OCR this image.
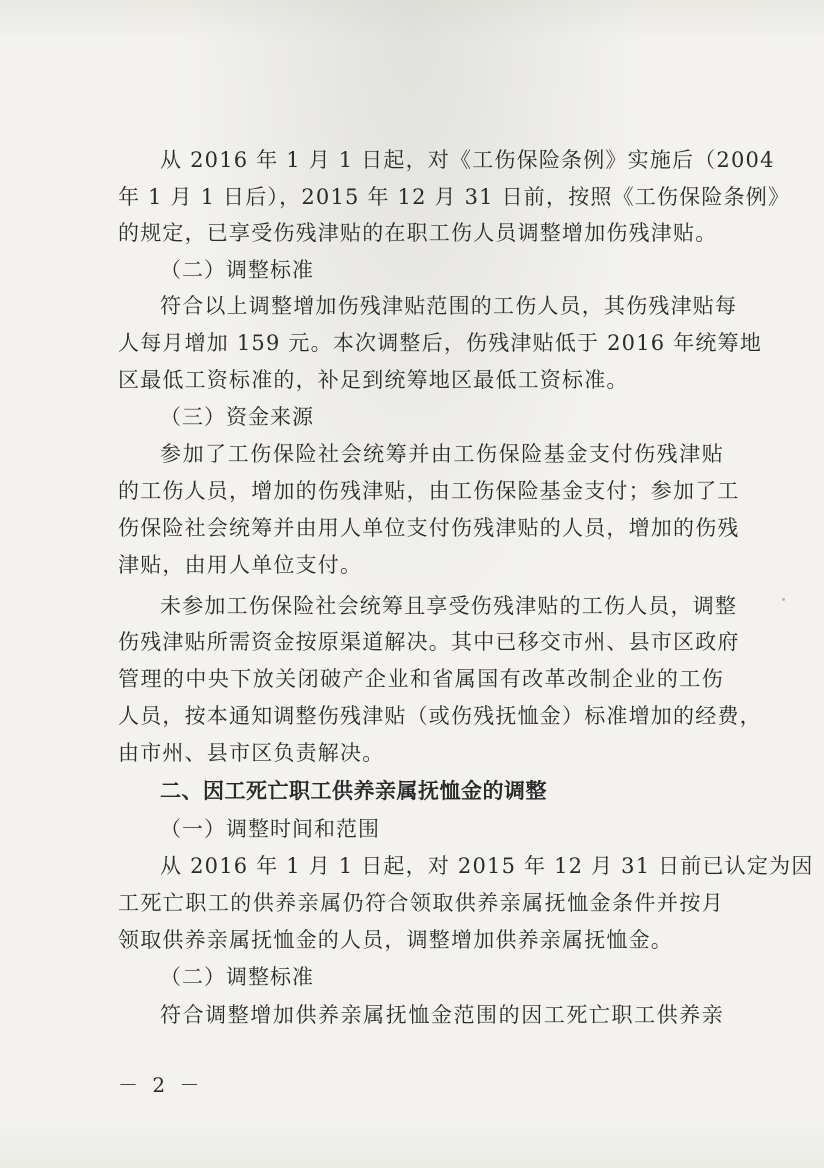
从 2016 年 1 月 1 日起，对《工伤保险条例》实施后（2004
年 1 月 1 日后），2015 年 12 月 31 日前，按照《工伤保险条例》
的规定，已享受伤残津贴的在职工伤人员调整增加伤残津贴。
（二）调整标准
符合以上调整增加伤残津贴范围的工伤人员，其伤残津贴每
人每月增加 159 元。本次调整后，伤残津贴低于 2016 年统筹地
区最低工资标准的，补足到统筹地区最低工资标准。
（三）资金来源
参加了工伤保险社会统筹并由工伤保险基金支付伤残津贴
的工伤人员，增加的伤残津贴，由工伤保险基金支付；参加了工
伤保险社会统筹并由用人单位支付伤残津贴的人员，增加的伤残
津贴，由用人单位支付。
未参加工伤保险社会统筹且享受伤残津贴的工伤人员，调整
伤残津贴所需资金按原渠道解决。其中已移交市州、县市区政府
管理的中央下放关闭破产企业和省属国有改革改制企业的工伤
人员，按本通知调整伤残津贴（或伤残抚恤金）标准增加的经费，
由市州、县市区负责解决。
二、因工死亡职工供养亲属抚恤金的调整
（一）调整时间和范围
从 2016 年 1 月 1 日起，对 2015 年 12 月 31 日前已认定为因
工死亡职工的供养亲属仍符合领取供养亲属抚恤金条件并按月
领取供养亲属抚恤金的人员，调整增加供养亲属抚恤金。
（二）调整标准
符合调整增加供养亲属抚恤金范围的因工死亡职工供养亲
－ 2 －
